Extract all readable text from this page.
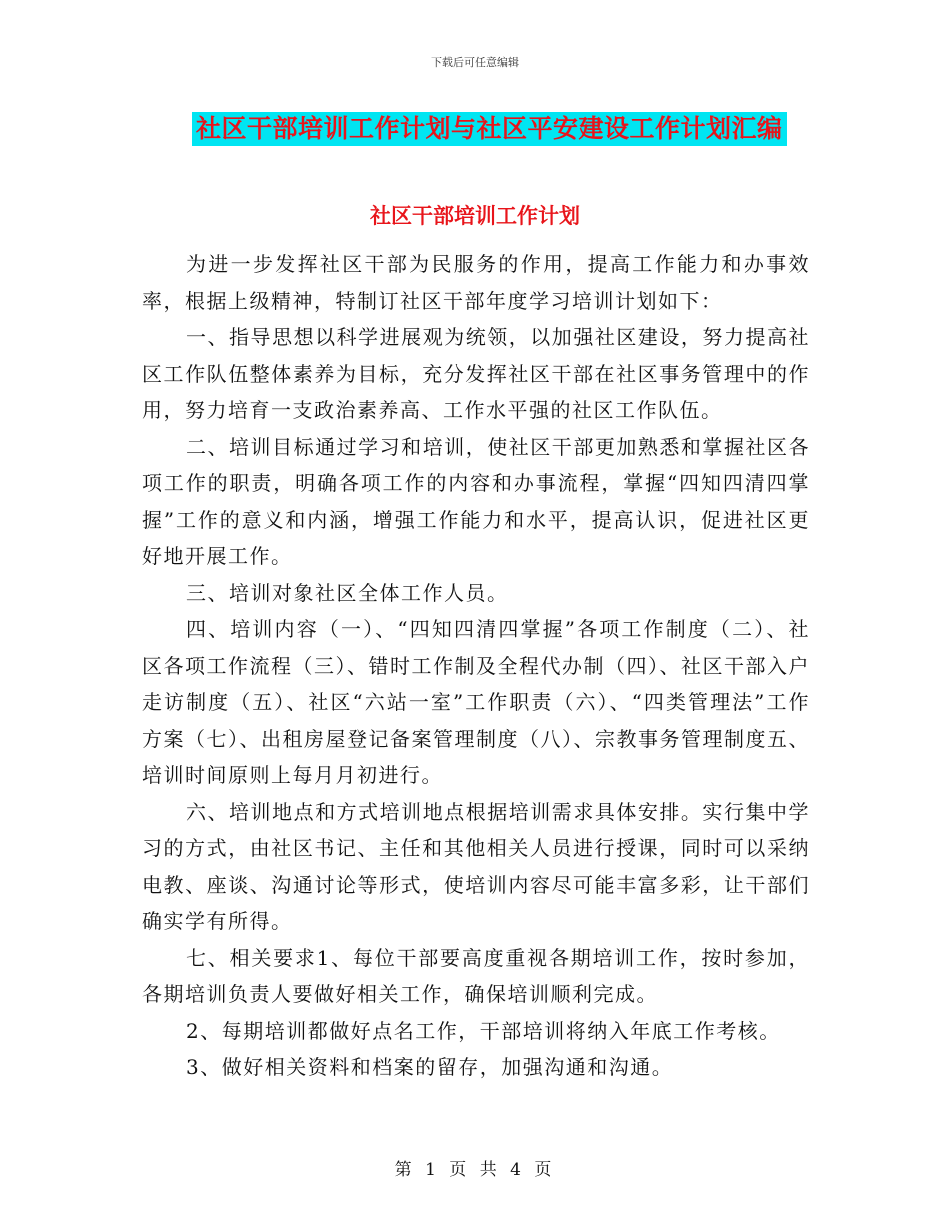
下载后可任意编辑
社区干部培训工作计划与社区平安建设工作计划汇编
社区干部培训工作计划

为进一步发挥社区干部为民服务的作用，提高工作能力和办事效率，根据上级精神，特制订社区干部年度学习培训计划如下：

一、指导思想以科学进展观为统领，以加强社区建设，努力提高社区工作队伍整体素养为目标，充分发挥社区干部在社区事务管理中的作用，努力培育一支政治素养高、工作水平强的社区工作队伍。

二、培训目标通过学习和培训，使社区干部更加熟悉和掌握社区各项工作的职责，明确各项工作的内容和办事流程，掌握“四知四清四掌握”工作的意义和内涵，增强工作能力和水平，提高认识，促进社区更好地开展工作。

三、培训对象社区全体工作人员。

四、培训内容（一）、“四知四清四掌握”各项工作制度（二）、社区各项工作流程（三）、错时工作制及全程代办制（四）、社区干部入户走访制度（五）、社区“六站一室”工作职责（六）、“四类管理法”工作方案（七）、出租房屋登记备案管理制度（八）、宗教事务管理制度五、培训时间原则上每月月初进行。

六、培训地点和方式培训地点根据培训需求具体安排。实行集中学习的方式，由社区书记、主任和其他相关人员进行授课，同时可以采纳电教、座谈、沟通讨论等形式，使培训内容尽可能丰富多彩，让干部们确实学有所得。

七、相关要求1、每位干部要高度重视各期培训工作，按时参加，各期培训负责人要做好相关工作，确保培训顺利完成。

2、每期培训都做好点名工作，干部培训将纳入年底工作考核。

3、做好相关资料和档案的留存，加强沟通和沟通。

第 1 页 共 4 页
